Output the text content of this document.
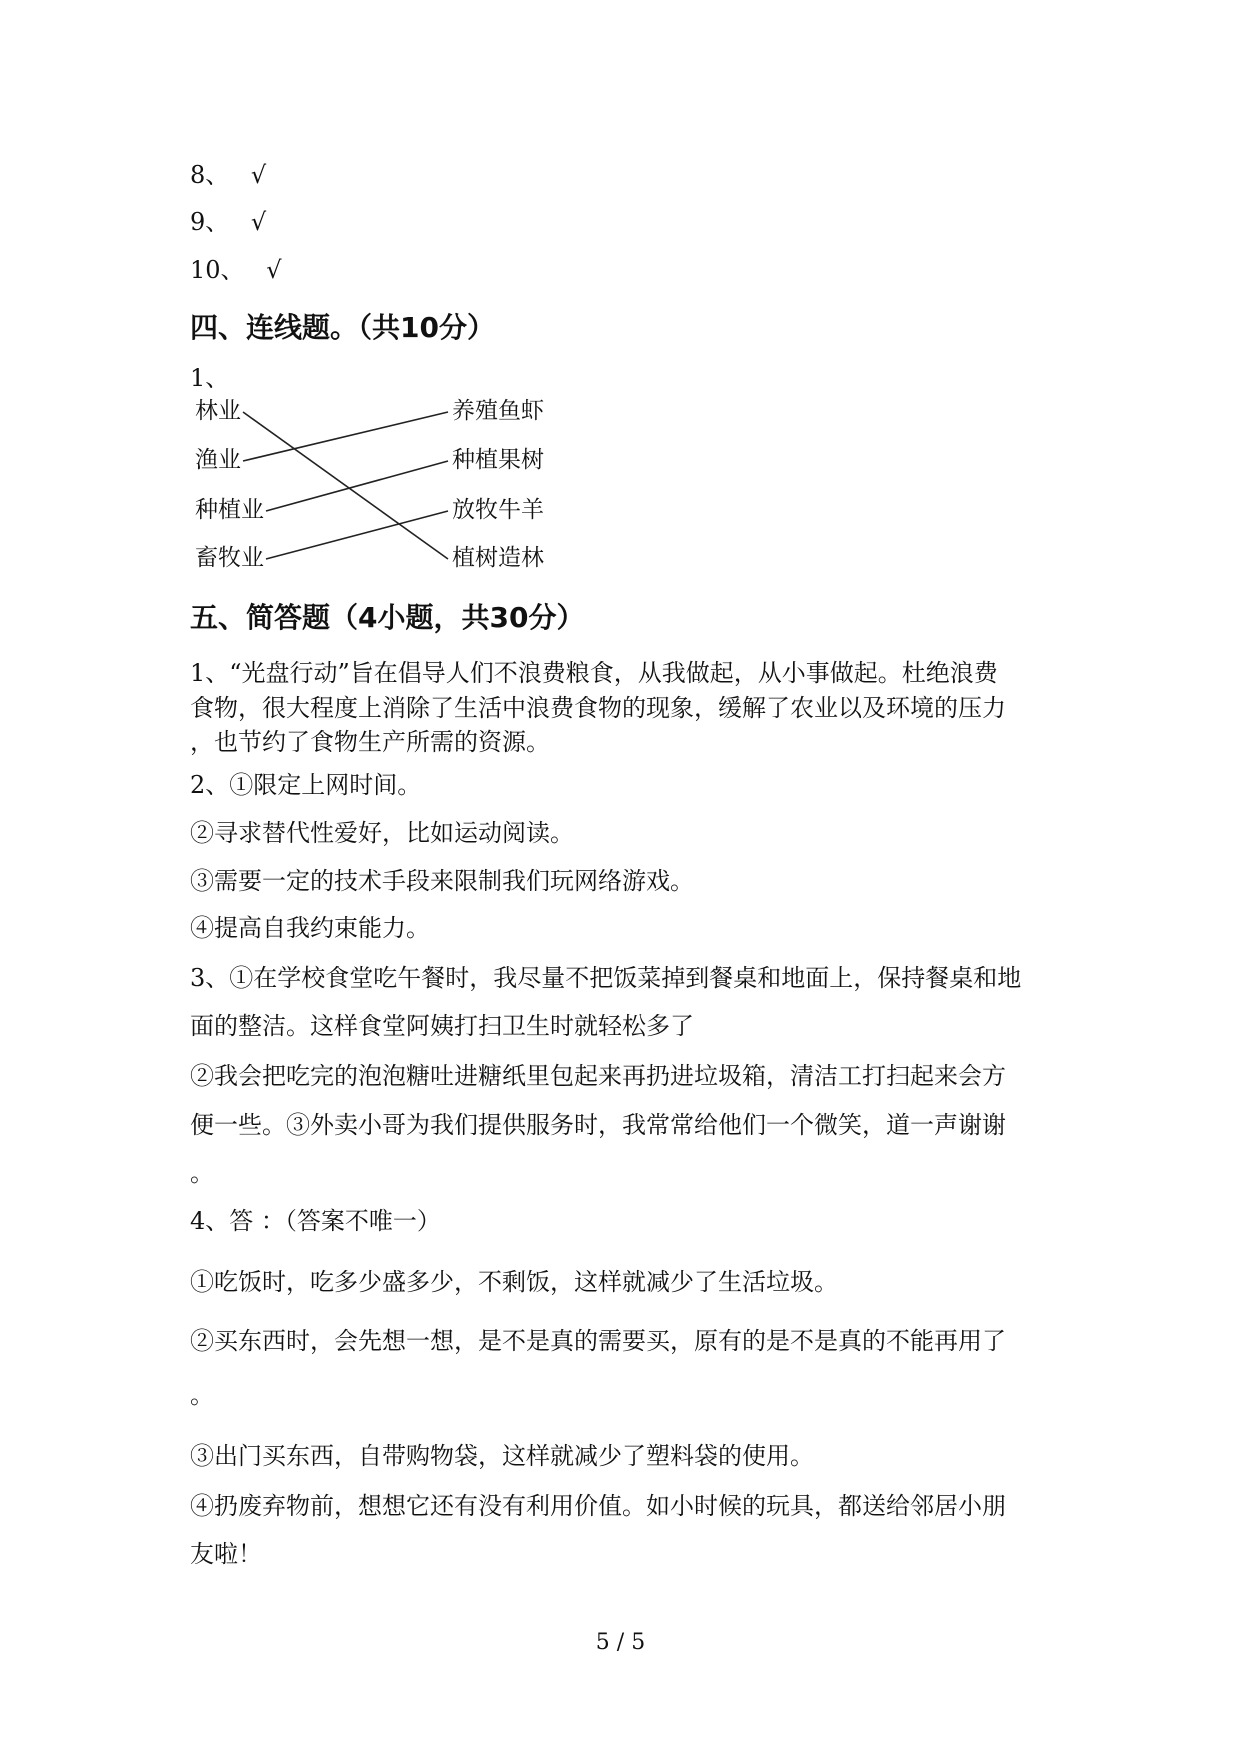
8、 √
9、 √
10、 √
四、连线题。（共10分）
1、
林业
渔业
种植业
畜牧业
养殖鱼虾
种植果树
放牧牛羊
植树造林
五、简答题（4小题，共30分）
1、“光盘行动”旨在倡导人们不浪费粮食，从我做起，从小事做起。杜绝浪费
食物，很大程度上消除了生活中浪费食物的现象，缓解了农业以及环境的压力
，也节约了食物生产所需的资源。
2、①限定上网时间。
②寻求替代性爱好，比如运动阅读。
③需要一定的技术手段来限制我们玩网络游戏。
④提高自我约束能力。
3、①在学校食堂吃午餐时，我尽量不把饭菜掉到餐桌和地面上，保持餐桌和地
面的整洁。这样食堂阿姨打扫卫生时就轻松多了
②我会把吃完的泡泡糖吐进糖纸里包起来再扔进垃圾箱，清洁工打扫起来会方
便一些。③外卖小哥为我们提供服务时，我常常给他们一个微笑，道一声谢谢
。
4、答 ：（答案不唯一）
①吃饭时，吃多少盛多少，不剩饭，这样就减少了生活垃圾。
②买东西时，会先想一想，是不是真的需要买，原有的是不是真的不能再用了
。
③出门买东西，自带购物袋，这样就减少了塑料袋的使用。
④扔废弃物前，想想它还有没有利用价值。如小时候的玩具，都送给邻居小朋
友啦！
5 / 5
